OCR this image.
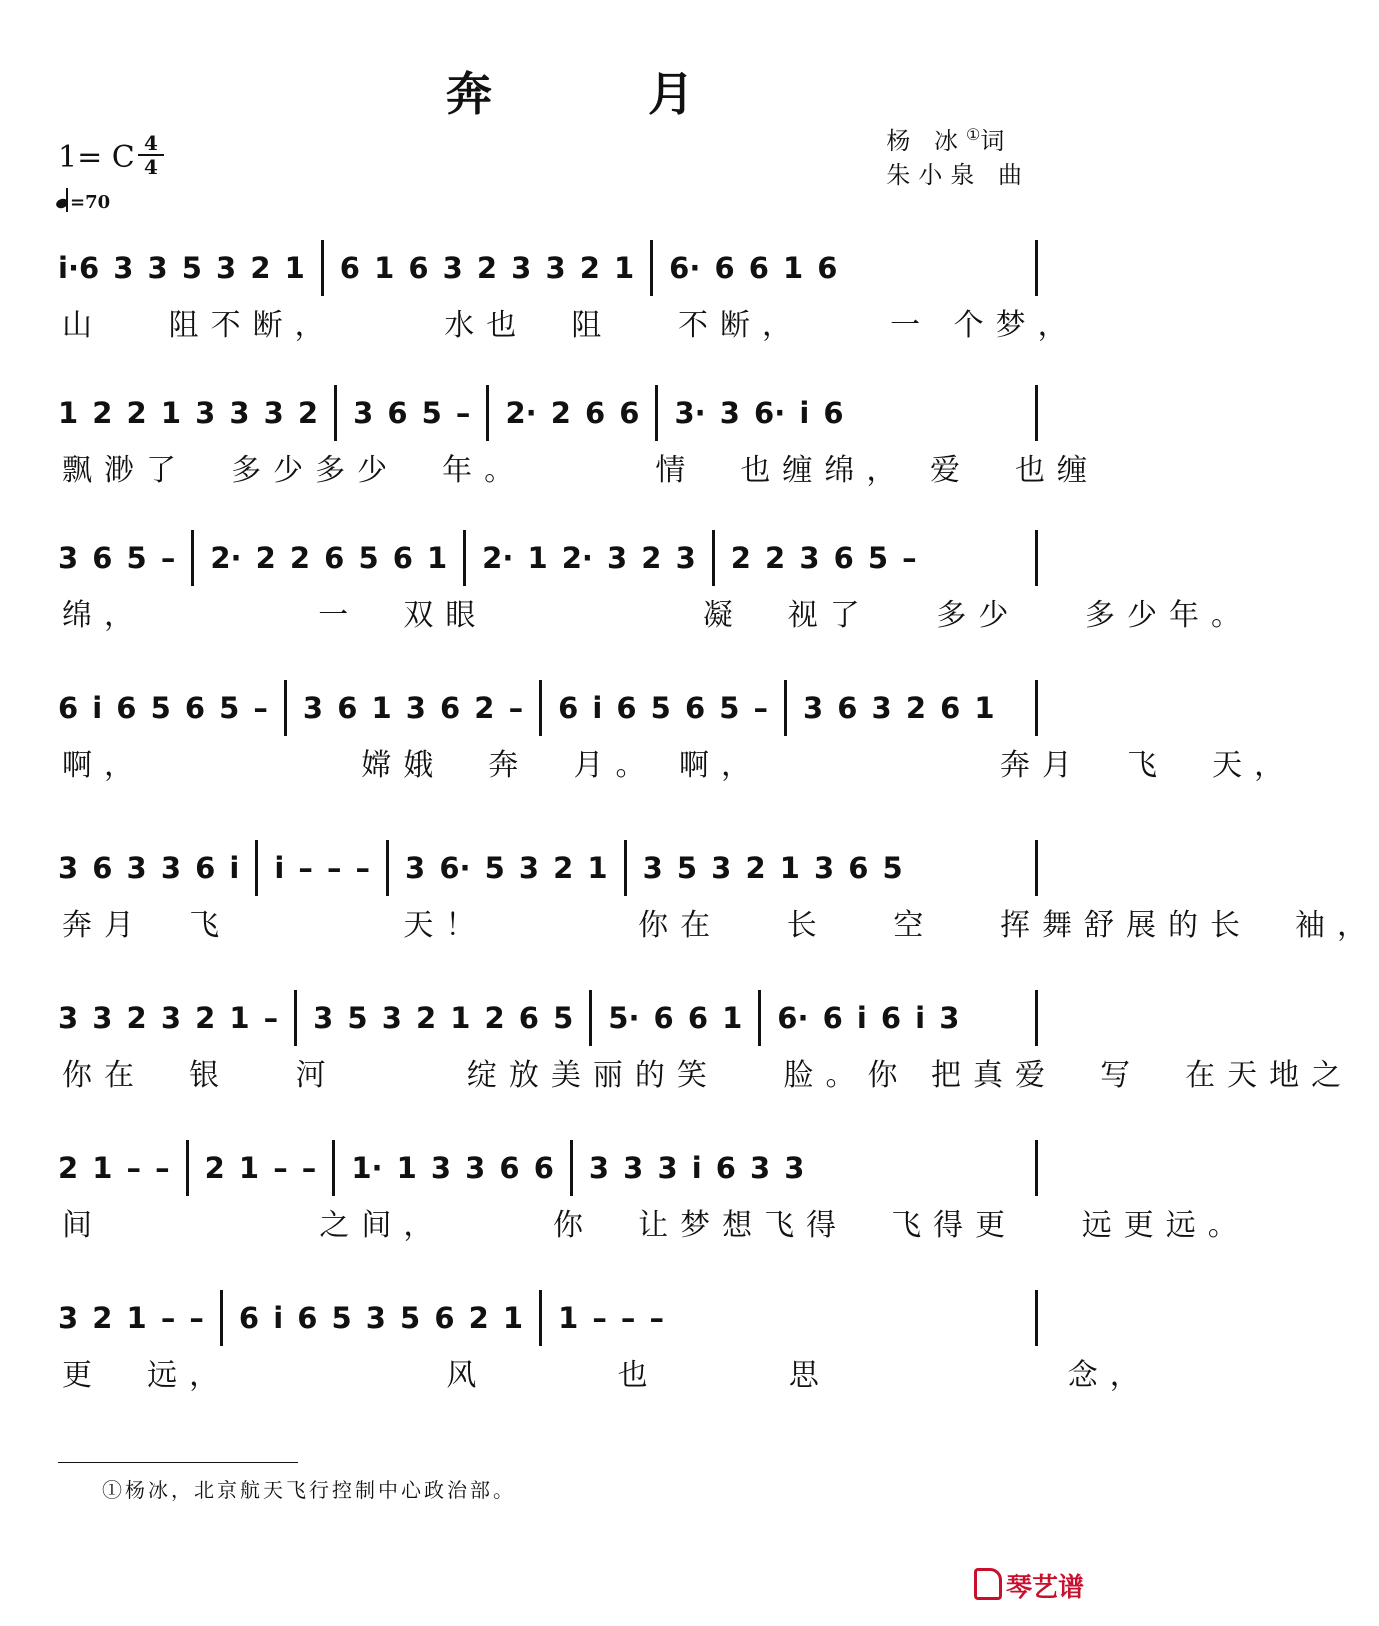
奔 月
1= C 4
4
=70
杨 冰①词
朱小泉 曲
i·6 3 3 5 3 2 1 6 1 6 3 2 3 3 2 1 6· 6 6 1 6
山   阻不断，     水也  阻   不断，    一 个梦，
1 2 2 1 3 3 3 2 3 6 5 – 2· 2 6 6 3· 3 6· i 6
飘渺了  多少多少  年。      情  也缠绵， 爱  也缠
3 6 5 – 2· 2 2 6 5 6 1 2· 1 2· 3 2 3 2 2 3 6 5 –
绵，        一  双眼          凝  视了   多少   多少年。
6 i 6 5 6 5 – 3 6 1 3 6 2 – 6 i 6 5 6 5 – 3 6 3 2 6 1
啊，          嫦娥  奔  月。 啊，           奔月  飞  天，
3 6 3 3 6 i i – – – 3 6· 5 3 2 1 3 5 3 2 1 3 6 5
奔月  飞        天！       你在   长   空   挥舞舒展的长  袖，
3 3 2 3 2 1 – 3 5 3 2 1 2 6 5 5· 6 6 1 6· 6 i 6 i 3
你在  银   河      绽放美丽的笑   脸。你 把真爱  写  在天地之
2 1 – – 2 1 – – 1· 1 3 3 6 6 3 3 3 i 6 3 3
间          之间，     你  让梦想飞得  飞得更   远更远。
3 2 1 – – 6 i 6 5 3 5 6 2 1 1 – – –
更  远，          风      也      思           念，
①杨冰，北京航天飞行控制中心政治部。
琴艺谱
